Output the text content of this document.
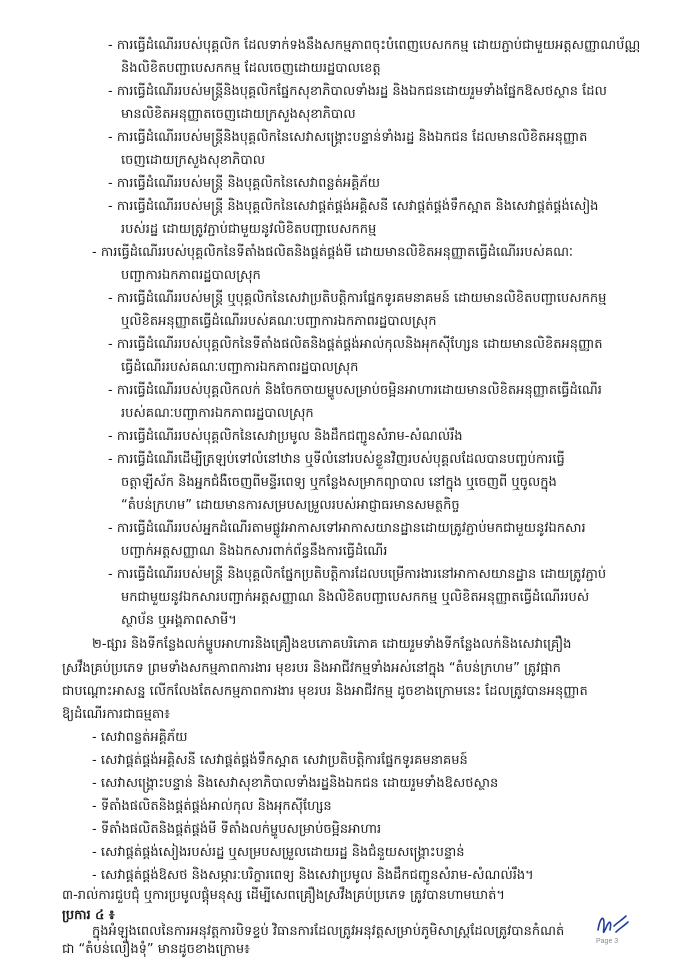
- ការធ្វើដំណើររបស់បុគ្គលិក ដែលទាក់ទងនឹងសកម្មភាពចុះបំពេញបេសកកម្ម ដោយភ្ជាប់ជាមួយអត្តសញ្ញាណប័ណ្ណ
និងលិខិតបញ្ជាបេសកកម្ម ដែលចេញដោយរដ្ឋបាលខេត្ត
- ការធ្វើដំណើររបស់មន្ត្រីនិងបុគ្គលិកផ្នែកសុខាភិបាលទាំងរដ្ឋ និងឯកជនដោយរួមទាំងផ្នែកឱសថស្ថាន ដែល
មានលិខិតអនុញ្ញាតចេញដោយក្រសួងសុខាភិបាល
- ការធ្វើដំណើររបស់មន្ត្រីនិងបុគ្គលិកនៃសេវាសង្គ្រោះបន្ទាន់ទាំងរដ្ឋ និងឯកជន ដែលមានលិខិតអនុញ្ញាត
ចេញដោយក្រសួងសុខាភិបាល
- ការធ្វើដំណើររបស់មន្ត្រី និងបុគ្គលិកនៃសេវាពន្លត់អគ្គិភ័យ
- ការធ្វើដំណើររបស់មន្ត្រី និងបុគ្គលិកនៃសេវាផ្គត់ផ្គង់អគ្គិសនី សេវាផ្គត់ផ្គង់ទឹកស្អាត និងសេវាផ្គត់ផ្គង់សៀង
របស់រដ្ឋ ដោយត្រូវភ្ជាប់ជាមួយនូវលិខិតបញ្ជាបេសកកម្ម
- ការធ្វើដំណើររបស់បុគ្គលិកនៃទីតាំងផលិតនិងផ្គត់ផ្គង់មី ដោយមានលិខិតអនុញ្ញាតធ្វើដំណើររបស់គណៈ
បញ្ជាការឯកភាពរដ្ឋបាលស្រុក
- ការធ្វើដំណើររបស់មន្ត្រី ឬបុគ្គលិកនៃសេវាប្រតិបត្តិការផ្នែកទូរគមនាគមន៍ ដោយមានលិខិតបញ្ជាបេសកកម្ម
ឬលិខិតអនុញ្ញាតធ្វើដំណើររបស់គណៈបញ្ជាការឯកភាពរដ្ឋបាលស្រុក
- ការធ្វើដំណើររបស់បុគ្គលិកនៃទីតាំងផលិតនិងផ្គត់ផ្គង់អាល់កុលនិងអុកស៊ីហ្សែន ដោយមានលិខិតអនុញ្ញាត
ធ្វើដំណើររបស់គណៈបញ្ជាការឯកភាពរដ្ឋបាលស្រុក
- ការធ្វើដំណើររបស់បុគ្គលិកលក់ និងចែកចាយម្ហូបសម្រាប់ចម្អិនអាហារដោយមានលិខិតអនុញ្ញាតធ្វើដំណើរ
របស់គណៈបញ្ជាការឯកភាពរដ្ឋបាលស្រុក
- ការធ្វើដំណើររបស់បុគ្គលិកនៃសេវាប្រមូល និងដឹកជញ្ជូនសំរាម-សំណល់រឹង
- ការធ្វើដំណើរដើម្បីត្រឡប់ទៅលំនៅឋាន ឬទីលំនៅរបស់ខ្លួនវិញរបស់បុគ្គលដែលបានបញ្ចប់ការធ្វើ
ចត្តាឡីស័ក និងអ្នកជំងឺចេញពីមន្ទីរពេទ្យ ឬកន្លែងសម្រាកព្យាបាល នៅក្នុង ឬចេញពី ឬចូលក្នុង
“តំបន់ក្រហម” ដោយមានការសម្របសម្រួលរបស់អាជ្ញាធរមានសមត្ថកិច្ច
- ការធ្វើដំណើររបស់អ្នកដំណើរតាមផ្លូវអាកាសទៅអាកាសយានដ្ឋានដោយត្រូវភ្ជាប់មកជាមួយនូវឯកសារ
បញ្ជាក់អត្តសញ្ញាណ និងឯកសារពាក់ព័ន្ធនឹងការធ្វើដំណើរ
- ការធ្វើដំណើររបស់មន្ត្រី និងបុគ្គលិកផ្នែកប្រតិបត្តិការដែលបម្រើការងារនៅអាកាសយានដ្ឋាន ដោយត្រូវភ្ជាប់
មកជាមួយនូវឯកសារបញ្ជាក់អត្តសញ្ញាណ និងលិខិតបញ្ជាបេសកកម្ម ឬលិខិតអនុញ្ញាតធ្វើដំណើររបស់
ស្ថាប័ន ឬអង្គភាពសាមី។
២-ផ្សារ និងទីកន្លែងលក់ម្ហូបអាហារនិងគ្រឿងឧបភោគបរិភោគ ដោយរួមទាំងទីកន្លែងលក់និងសេវាគ្រឿង
ស្រវឹងគ្រប់ប្រភេទ ព្រមទាំងសកម្មភាពការងារ មុខរបរ និងអាជីវកម្មទាំងអស់នៅក្នុង “តំបន់ក្រហម” ត្រូវផ្អាក
ជាបណ្ដោះអាសន្ន លើកលែងតែសកម្មភាពការងារ មុខរបរ និងអាជីវកម្ម ដូចខាងក្រោមនេះ ដែលត្រូវបានអនុញ្ញាត
ឱ្យដំណើរការជាធម្មតា៖
- សេវាពន្លត់អគ្គិភ័យ
- សេវាផ្គត់ផ្គង់អគ្គិសនី សេវាផ្គត់ផ្គង់ទឹកស្អាត សេវាប្រតិបត្តិការផ្នែកទូរគមនាគមន៍
- សេវាសង្គ្រោះបន្ទាន់ និងសេវាសុខាភិបាលទាំងរដ្ឋនិងឯកជន ដោយរួមទាំងឱសថស្ថាន
- ទីតាំងផលិតនិងផ្គត់ផ្គង់អាល់កុល និងអុកស៊ីហ្សែន
- ទីតាំងផលិតនិងផ្គត់ផ្គង់មី ទីតាំងលក់ម្ហូបសម្រាប់ចម្អិនអាហារ
- សេវាផ្គត់ផ្គង់សៀងរបស់រដ្ឋ ឬសម្របសម្រួលដោយរដ្ឋ និងជំនួយសង្គ្រោះបន្ទាន់
- សេវាផ្គត់ផ្គង់ឱសថ និងសម្ភារៈបរិក្ខារពេទ្យ និងសេវាប្រមូល និងដឹកជញ្ជូនសំរាម-សំណល់រឹង។
៣-រាល់ការជួបជុំ ឬការប្រមូលផ្ដុំមនុស្ស ដើម្បីសេពគ្រឿងស្រវឹងគ្រប់ប្រភេទ ត្រូវបានហាមឃាត់។
ប្រការ ៤ ៖
ក្នុងអំឡុងពេលនៃការអនុវត្តការបិទខ្ទប់ វិធានការដែលត្រូវអនុវត្តសម្រាប់ភូមិសាស្ត្រដែលត្រូវបានកំណត់
ជា “តំបន់លឿងទុំ” មានដូចខាងក្រោម៖
Page 3
